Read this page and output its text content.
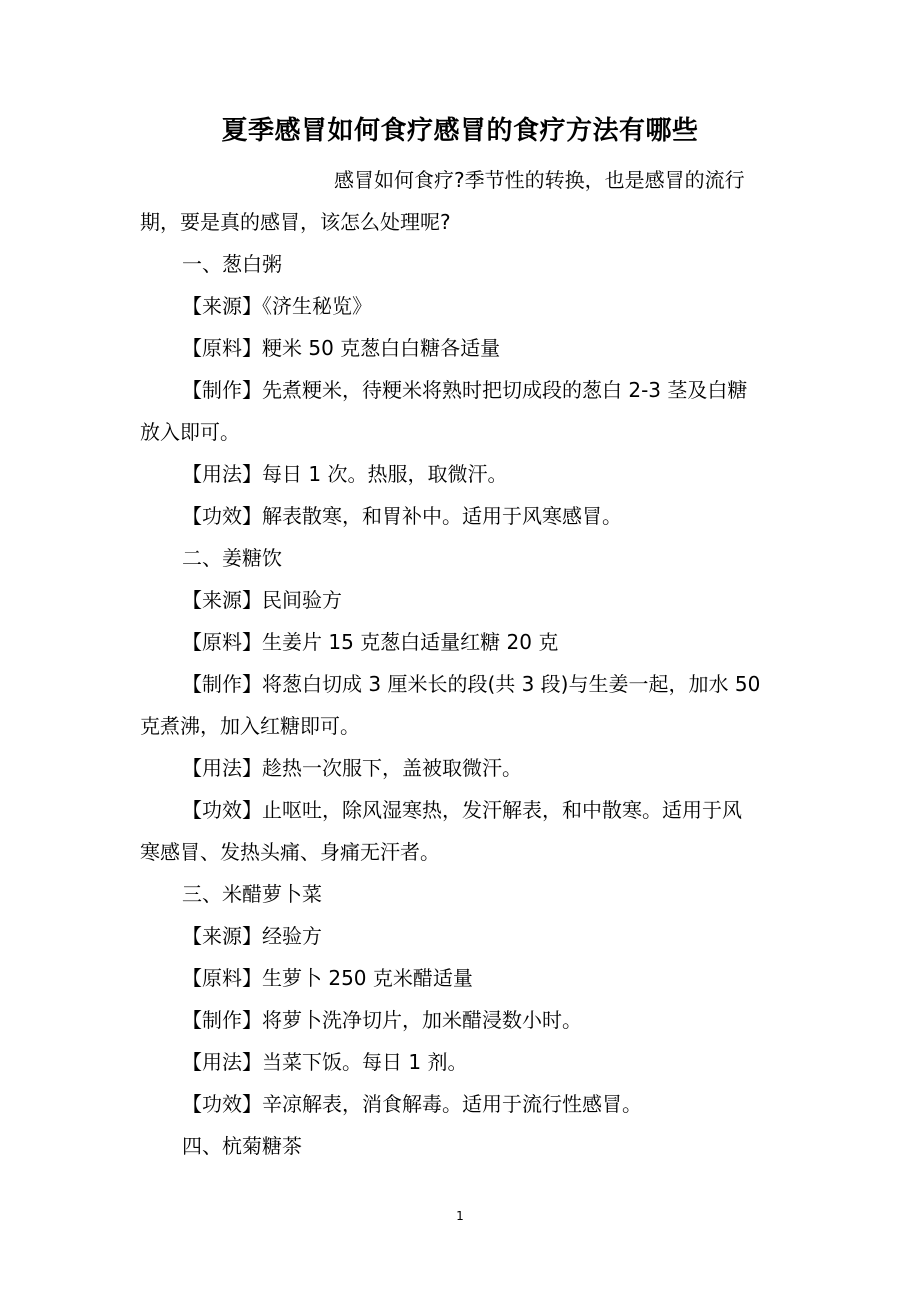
夏季感冒如何食疗感冒的食疗方法有哪些
感冒如何食疗?季节性的转换，也是感冒的流行
期，要是真的感冒，该怎么处理呢?
一、葱白粥
【来源】《济生秘览》
【原料】粳米 50 克葱白白糖各适量
【制作】先煮粳米，待粳米将熟时把切成段的葱白 2-3 茎及白糖
放入即可。
【用法】每日 1 次。热服，取微汗。
【功效】解表散寒，和胃补中。适用于风寒感冒。
二、姜糖饮
【来源】民间验方
【原料】生姜片 15 克葱白适量红糖 20 克
【制作】将葱白切成 3 厘米长的段(共 3 段)与生姜一起，加水 50
克煮沸，加入红糖即可。
【用法】趁热一次服下，盖被取微汗。
【功效】止呕吐，除风湿寒热，发汗解表，和中散寒。适用于风
寒感冒、发热头痛、身痛无汗者。
三、米醋萝卜菜
【来源】经验方
【原料】生萝卜 250 克米醋适量
【制作】将萝卜洗净切片，加米醋浸数小时。
【用法】当菜下饭。每日 1 剂。
【功效】辛凉解表，消食解毒。适用于流行性感冒。
四、杭菊糖茶
1
